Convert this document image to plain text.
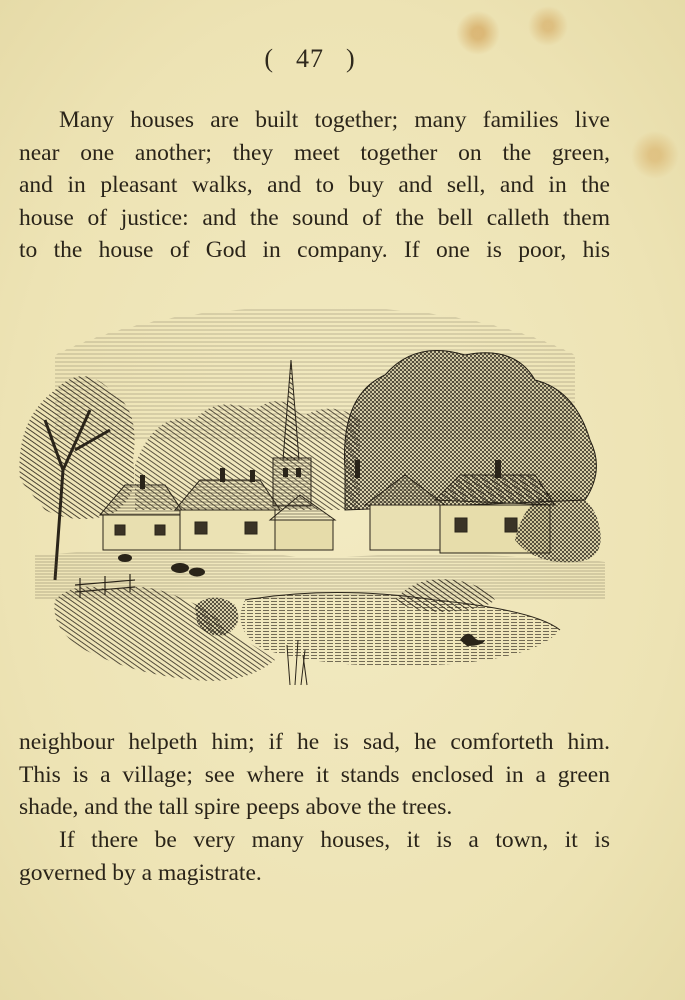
( 47 )
Many houses are built together; many families live
near one another; they meet together on the green,
and in pleasant walks, and to buy and sell, and in the
house of justice: and the sound of the bell calleth them
to the house of God in company. If one is poor, his
neighbour helpeth him; if he is sad, he comforteth him.
This is a village; see where it stands enclosed in a green
shade, and the tall spire peeps above the trees.
If there be very many houses, it is a town, it is
governed by a magistrate.
